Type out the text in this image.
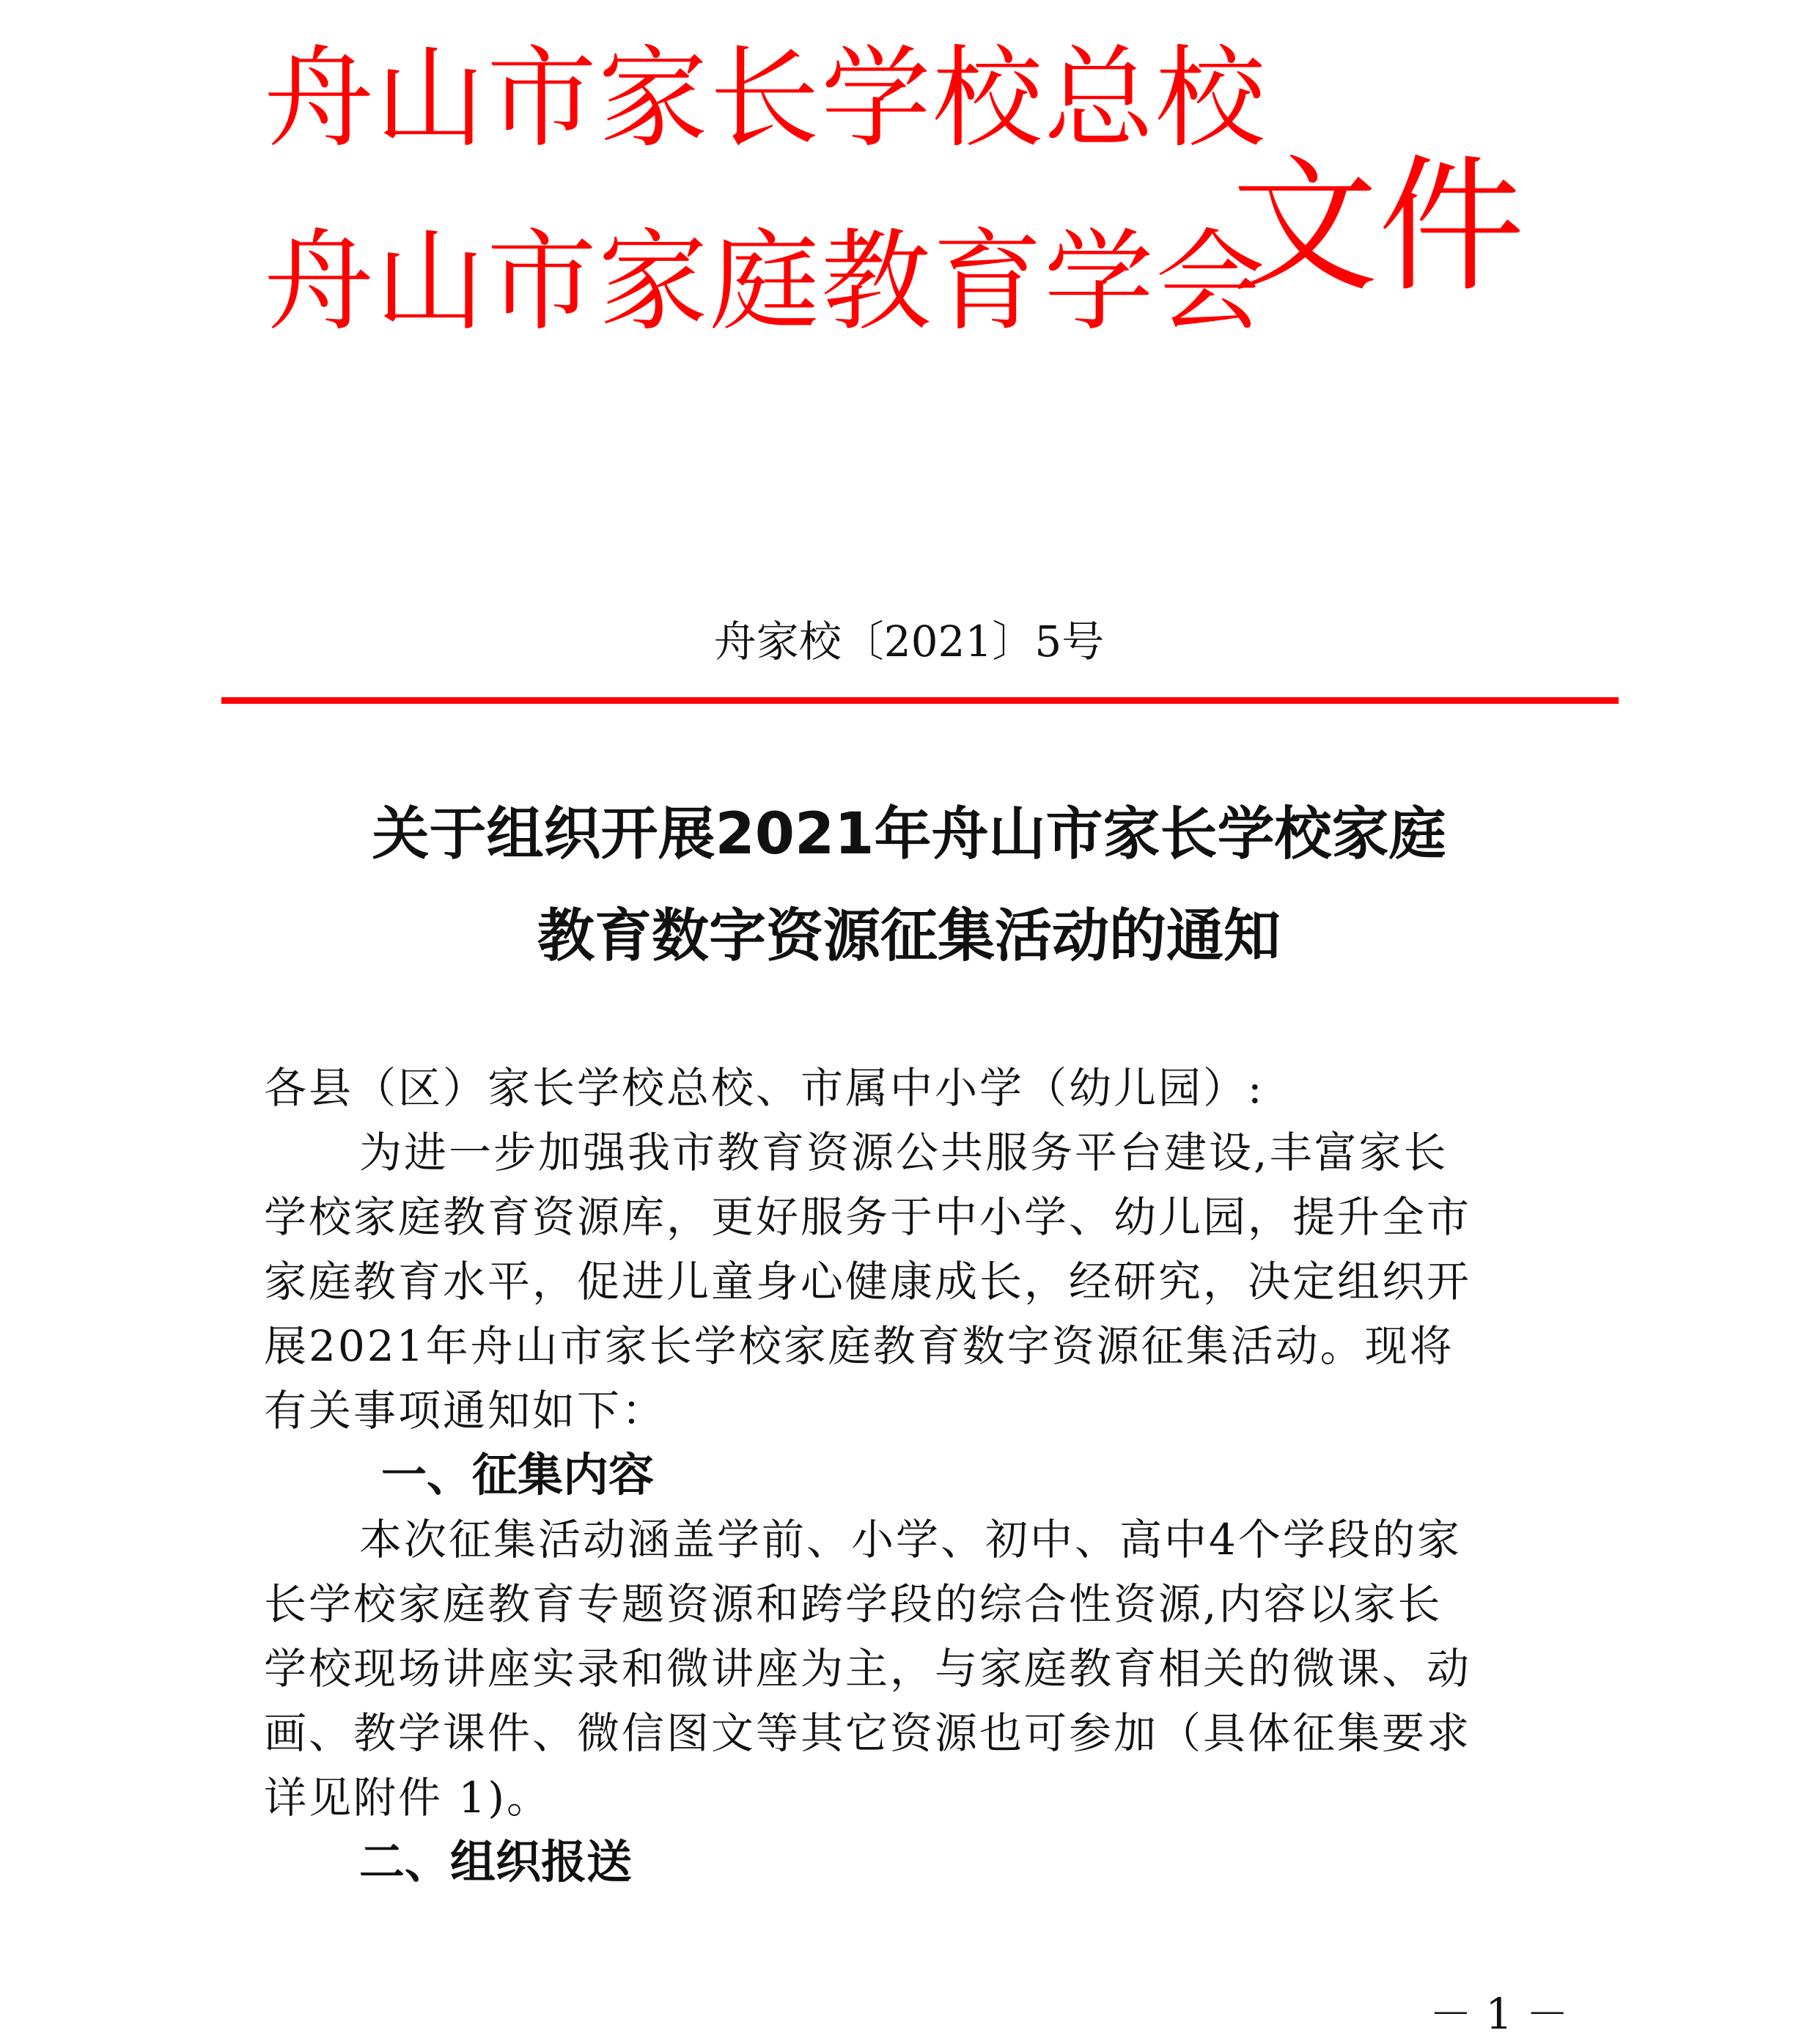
舟山市家长学校总校
舟山市家庭教育学会
文件
舟家校〔2021〕5号
关于组织开展2021年舟山市家长学校家庭
教育数字资源征集活动的通知
各县（区）家长学校总校、市属中小学（幼儿园）:
为进一步加强我市教育资源公共服务平台建设,丰富家长
学校家庭教育资源库，更好服务于中小学、幼儿园，提升全市
家庭教育水平，促进儿童身心健康成长，经研究，决定组织开
展2021年舟山市家长学校家庭教育数字资源征集活动。现将
有关事项通知如下：
一、征集内容
本次征集活动涵盖学前、小学、初中、高中4个学段的家
长学校家庭教育专题资源和跨学段的综合性资源,内容以家长
学校现场讲座实录和微讲座为主，与家庭教育相关的微课、动
画、教学课件、微信图文等其它资源也可参加（具体征集要求
详见附件 1)。
二、组织报送
－ 1 －
